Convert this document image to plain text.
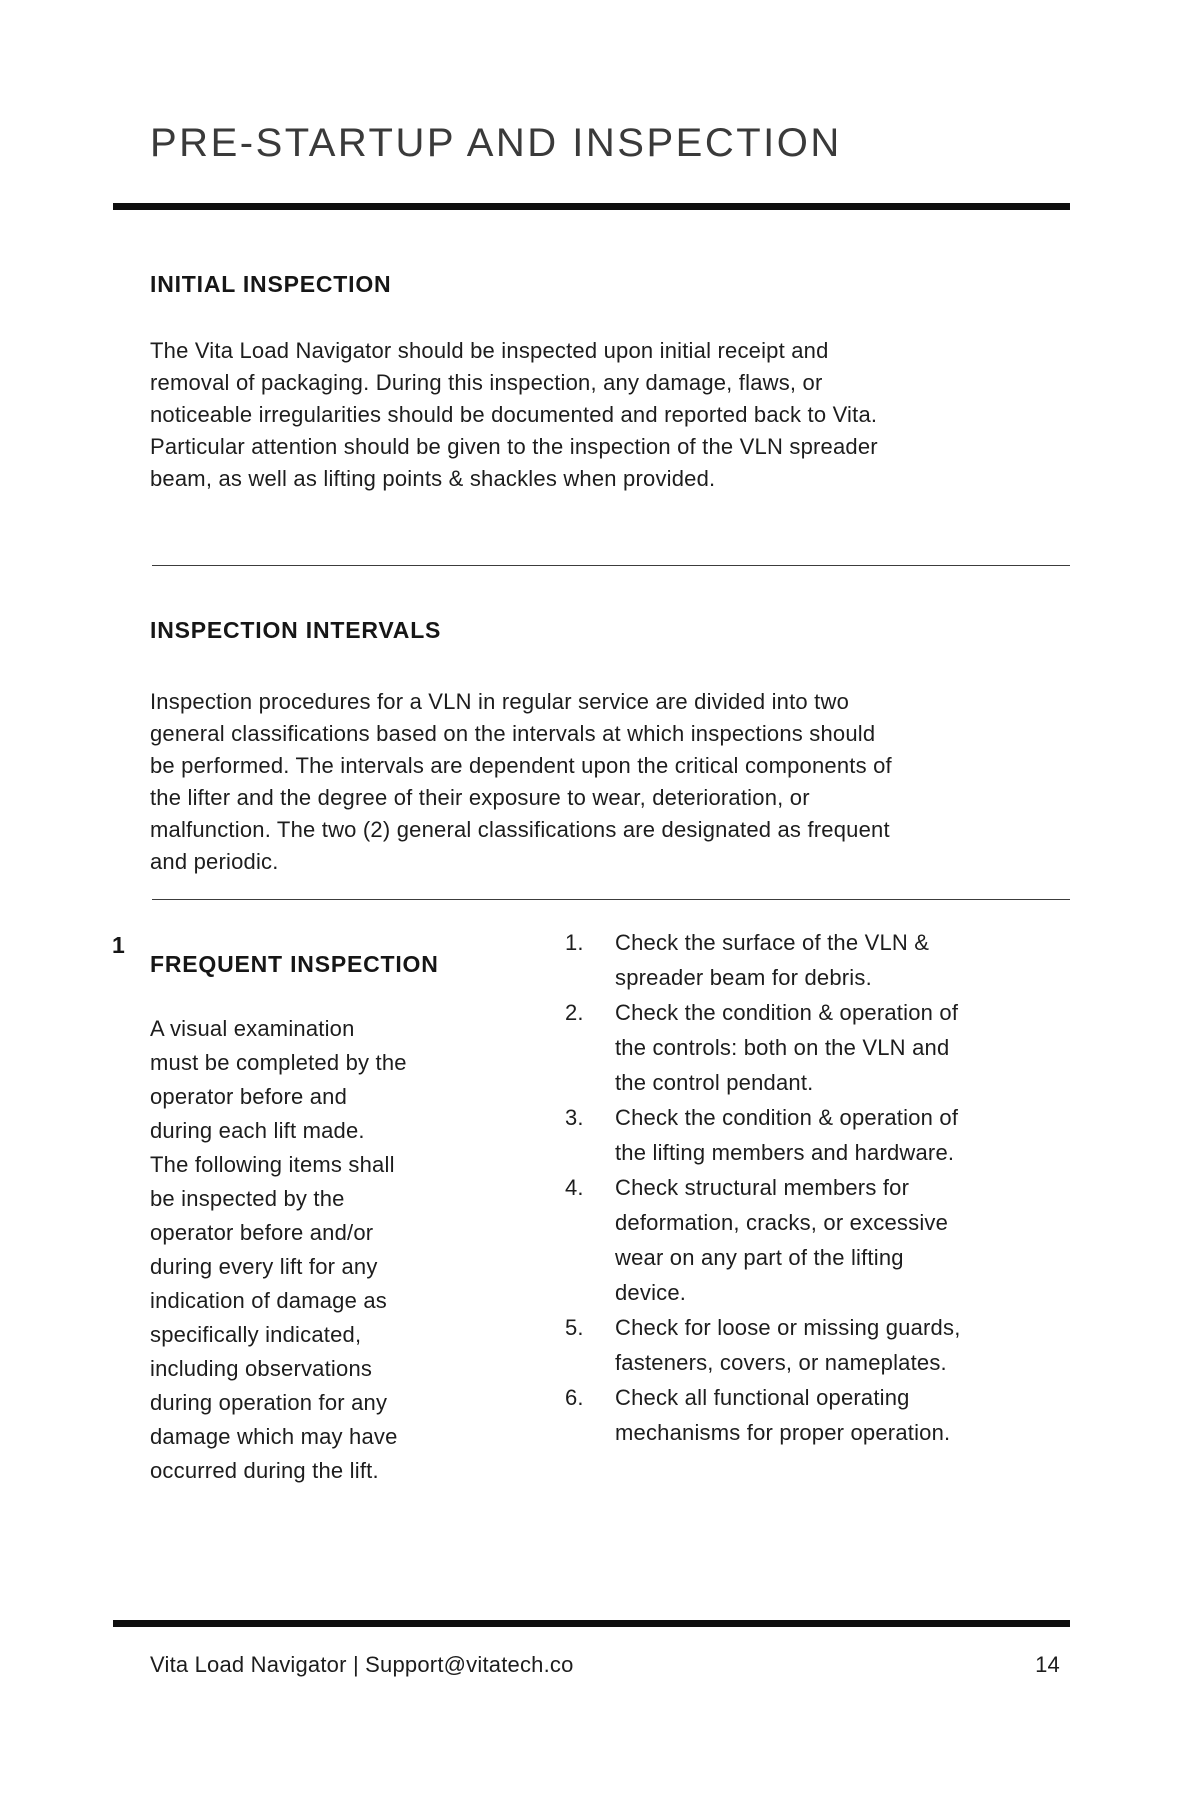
PRE-STARTUP AND INSPECTION
INITIAL INSPECTION

The Vita Load Navigator should be inspected upon initial receipt and removal of packaging. During this inspection, any damage, flaws, or noticeable irregularities should be documented and reported back to Vita. Particular attention should be given to the inspection of the VLN spreader beam, as well as lifting points & shackles when provided.

INSPECTION INTERVALS

Inspection procedures for a VLN in regular service are divided into two general classifications based on the intervals at which inspections should be performed. The intervals are dependent upon the critical components of the lifter and the degree of their exposure to wear, deterioration, or malfunction. The two (2) general classifications are designated as frequent and periodic.

1
FREQUENT INSPECTION

A visual examination must be completed by the operator before and during each lift made. The following items shall be inspected by the operator before and/or during every lift for any indication of damage as specifically indicated, including observations during operation for any damage which may have occurred during the lift.

1.	Check the surface of the VLN & spreader beam for debris.
2.	Check the condition & operation of the controls: both on the VLN and the control pendant.
3.	Check the condition & operation of the lifting members and hardware.
4.	Check structural members for deformation, cracks, or excessive wear on any part of the lifting device.
5.	Check for loose or missing guards, fasteners, covers, or nameplates.
6.	Check all functional operating mechanisms for proper operation.
Vita Load Navigator | Support@vitatech.co	14
